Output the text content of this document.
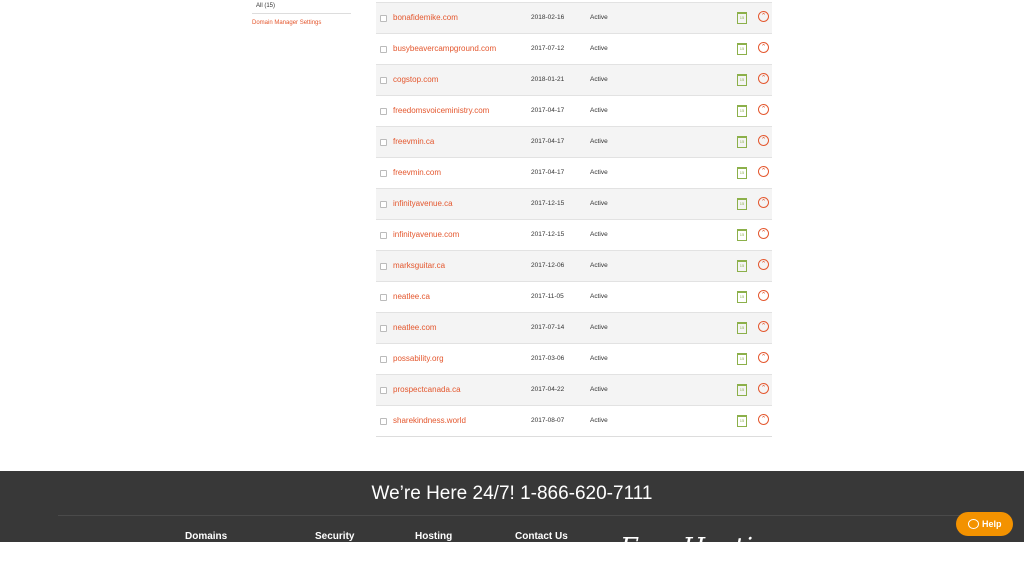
All (15)
Domain Manager Settings
bonafidemike.com	2018-02-16	Active	15	⌃
busybeavercampground.com	2017-07-12	Active	15	⌃
cogstop.com	2018-01-21	Active	15	⌃
freedomsvoiceministry.com	2017-04-17	Active	15	⌃
freevmin.ca	2017-04-17	Active	15	⌃
freevmin.com	2017-04-17	Active	15	⌃
infinityavenue.ca	2017-12-15	Active	15	⌃
infinityavenue.com	2017-12-15	Active	15	⌃
marksguitar.ca	2017-12-06	Active	15	⌃
neatlee.ca	2017-11-05	Active	15	⌃
neatlee.com	2017-07-14	Active	15	⌃
possability.org	2017-03-06	Active	15	⌃
prospectcanada.ca	2017-04-22	Active	15	⌃
sharekindness.world	2017-08-07	Active	15	⌃
We’re Here 24/7! 1-866-620-7111
Domains	Security	Hosting	Contact Us EasyHosting
Help
